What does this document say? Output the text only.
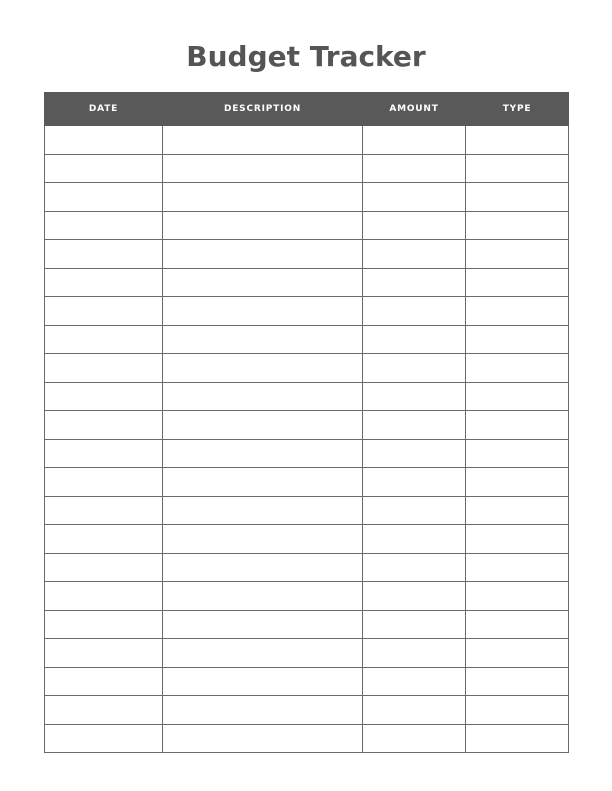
Budget Tracker
DATE	DESCRIPTION	AMOUNT	TYPE
